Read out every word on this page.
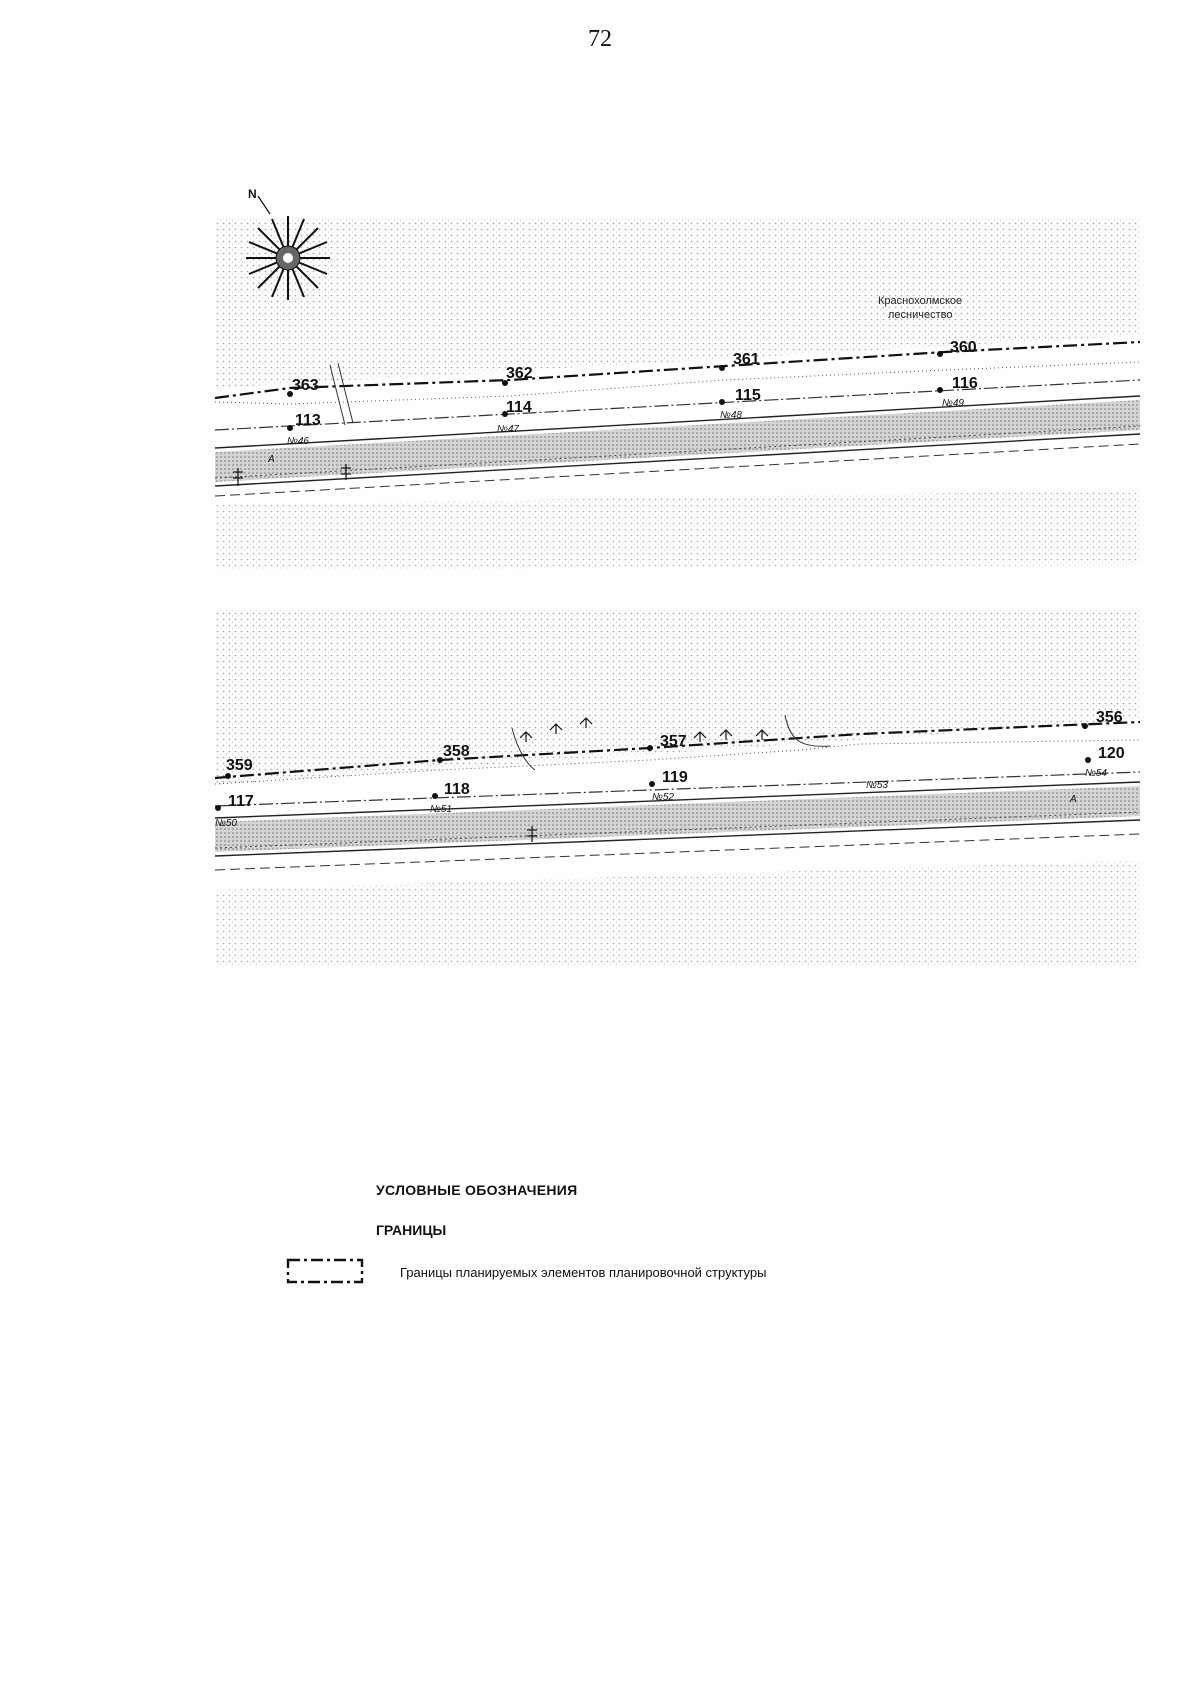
72
Краснохолмское
лесничество
363
362
361
360
113
114
115
116
№46
№47
№48
№49
A
N
359
358
357
356
117
118
119
120
№50
№51
№52
№53
№54
A
УСЛОВНЫЕ ОБОЗНАЧЕНИЯ
ГРАНИЦЫ
Границы планируемых элементов планировочной структуры
